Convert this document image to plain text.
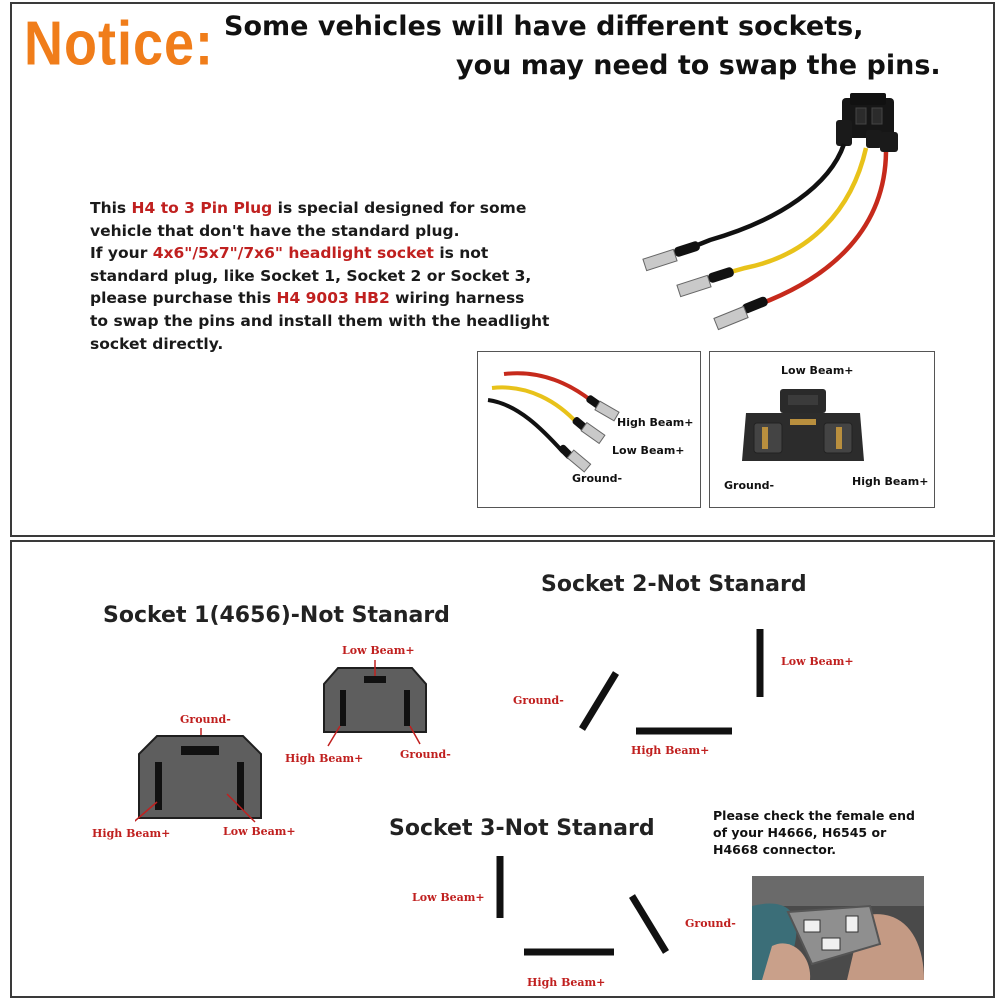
Notice: Some vehicles will have different sockets,
you may need to swap the pins.
This H4 to 3 Pin Plug is special designed for some
vehicle that don't have the standard plug.
If your 4x6"/5x7"/7x6" headlight socket is not
standard plug, like Socket 1, Socket 2 or Socket 3,
please purchase this H4 9003 HB2 wiring harness
to swap the pins and install them with the headlight
socket directly.
High Beam+
Low Beam+
Ground-
Low Beam+
Ground-	High Beam+
Socket 1(4656)-Not Stanard
Low Beam+
High Beam+	Ground-
Ground-
High Beam+	Low Beam+
Socket 2-Not Stanard
Ground-
Low Beam+
High Beam+
Socket 3-Not Stanard
Low Beam+
Ground-
High Beam+
Please check the female end
of your H4666, H6545 or
H4668 connector.
